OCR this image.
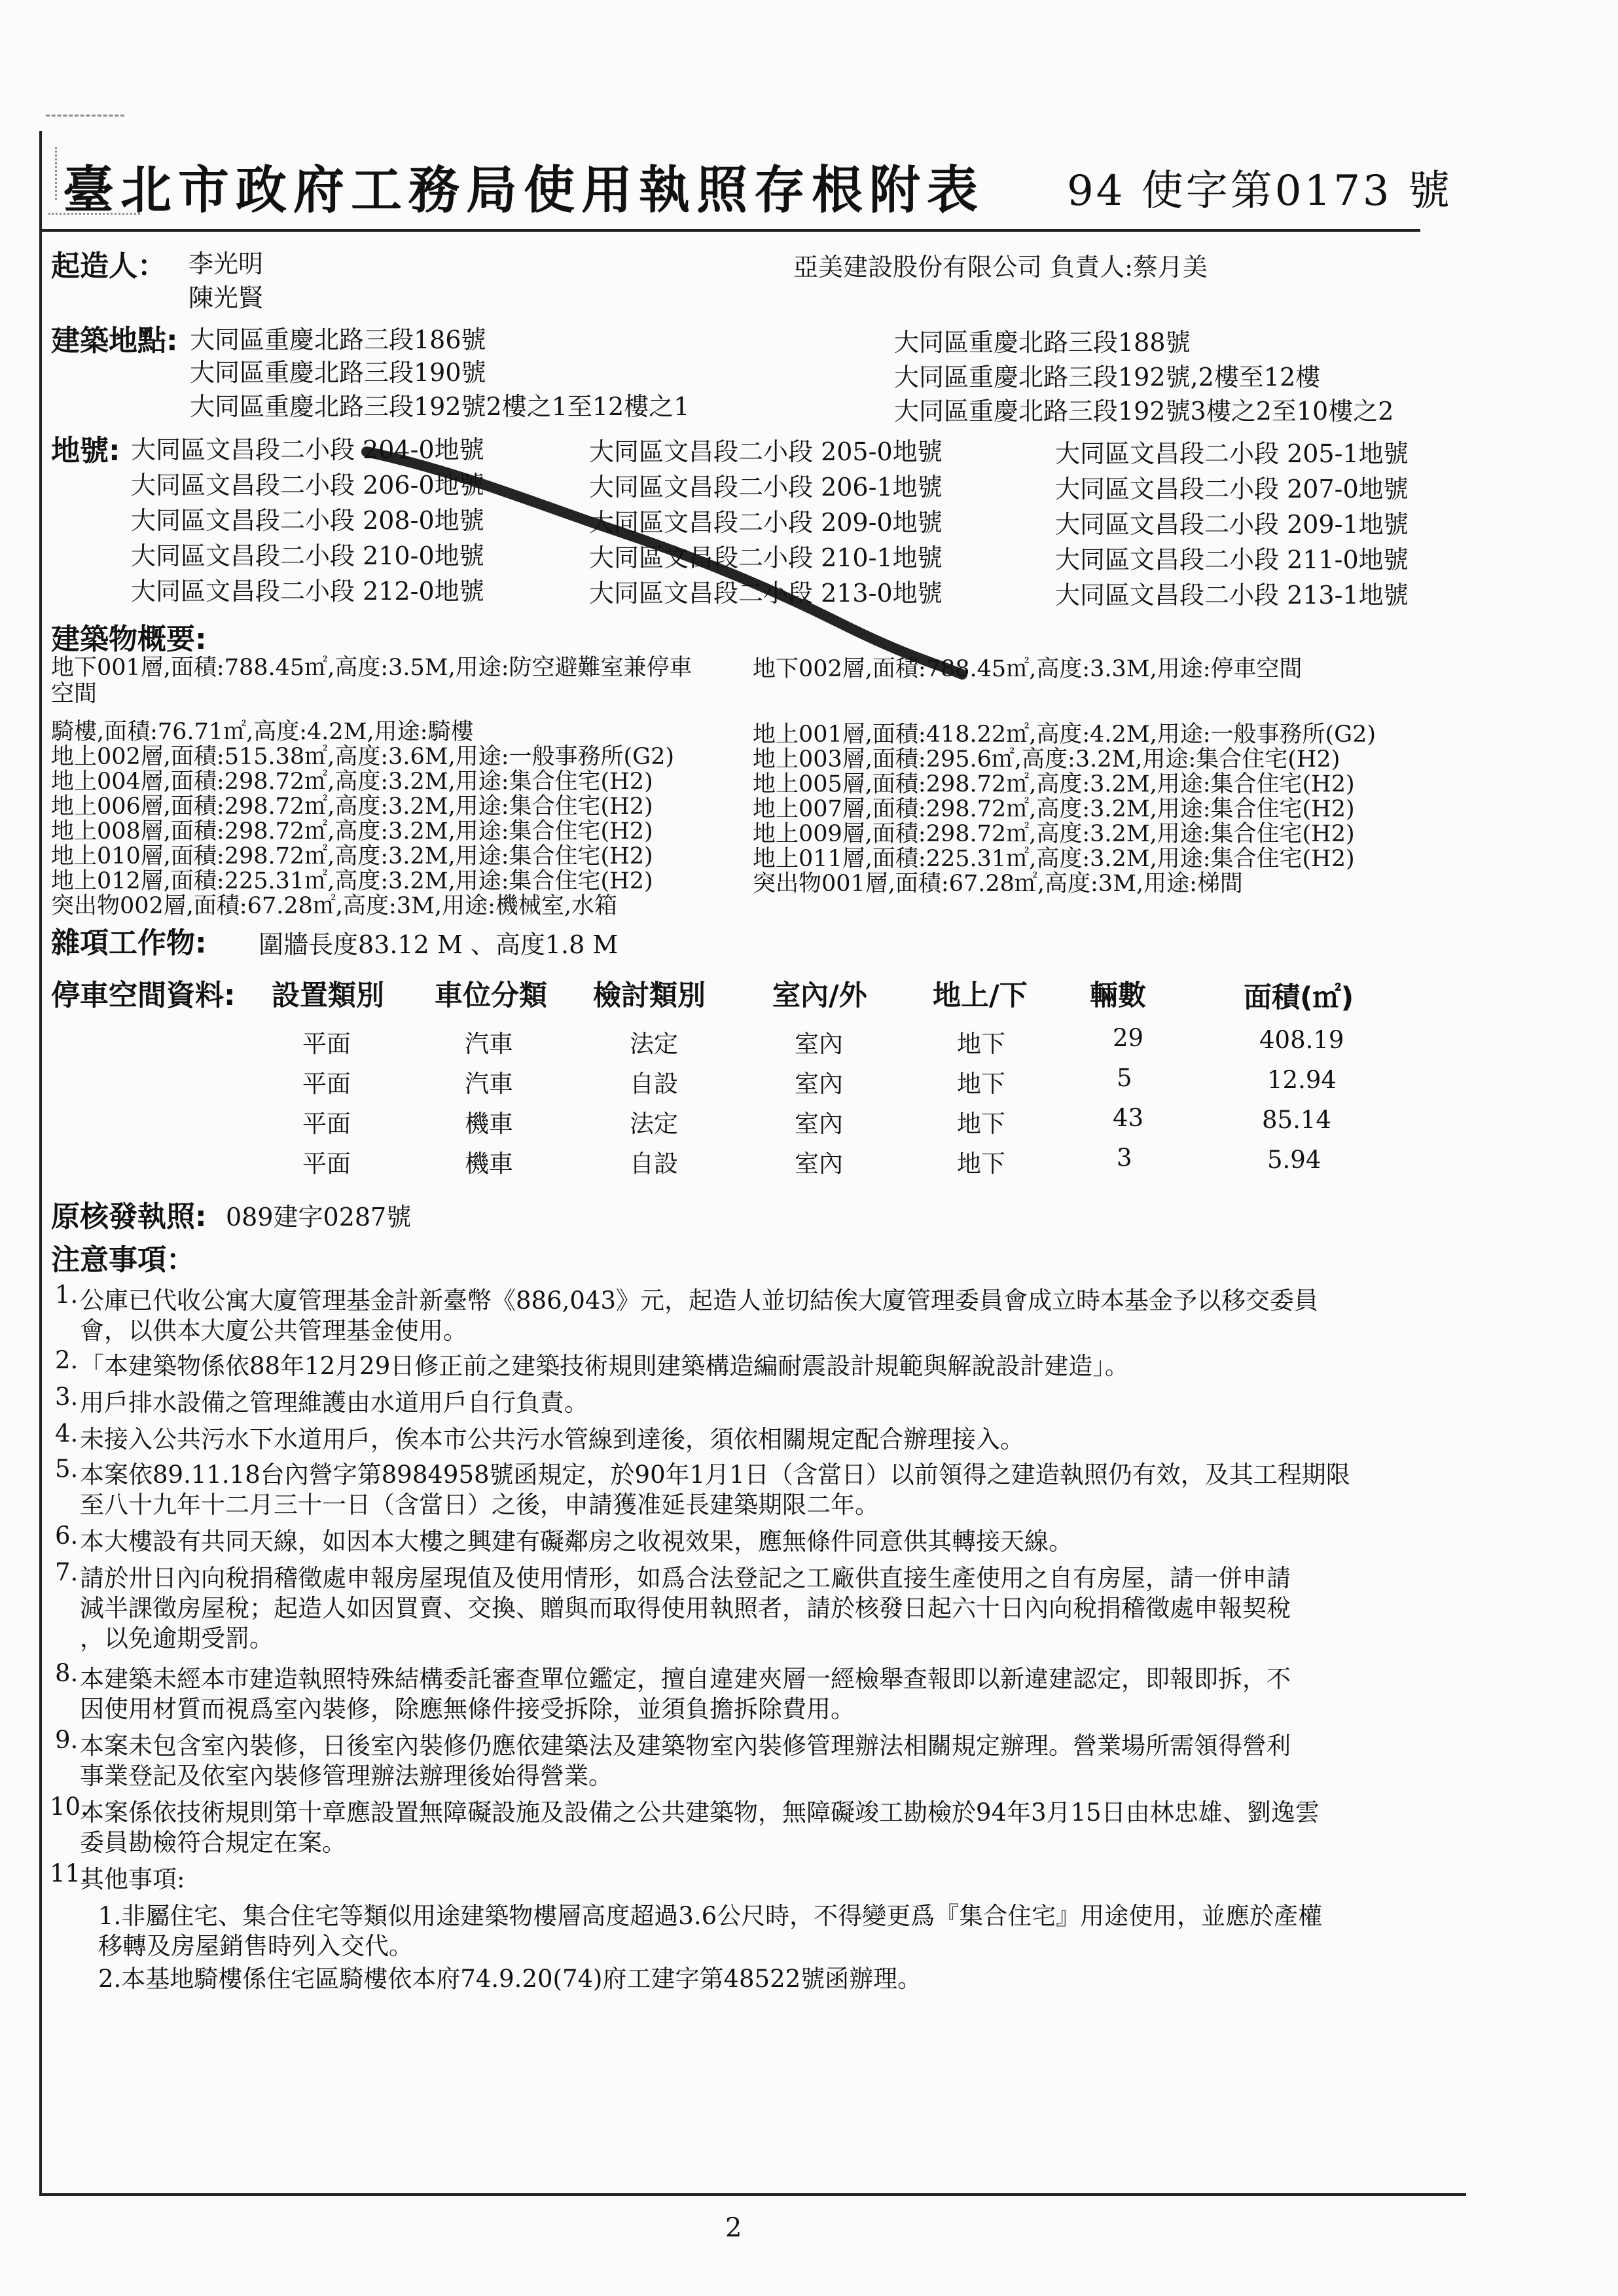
臺北市政府工務局使用執照存根附表 94 使字第0173 號
起造人： 李光明
陳光賢
亞美建設股份有限公司 負責人:蔡月美
建築地點: 大同區重慶北路三段186號	大同區重慶北路三段188號
大同區重慶北路三段190號	大同區重慶北路三段192號,2樓至12樓
大同區重慶北路三段192號2樓之1至12樓之1	大同區重慶北路三段192號3樓之2至10樓之2
地號: 大同區文昌段二小段 204-0地號	大同區文昌段二小段 205-0地號	大同區文昌段二小段 205-1地號
大同區文昌段二小段 206-0地號	大同區文昌段二小段 206-1地號	大同區文昌段二小段 207-0地號
大同區文昌段二小段 208-0地號	大同區文昌段二小段 209-0地號	大同區文昌段二小段 209-1地號
大同區文昌段二小段 210-0地號	大同區文昌段二小段 210-1地號	大同區文昌段二小段 211-0地號
大同區文昌段二小段 212-0地號	大同區文昌段二小段 213-0地號	大同區文昌段二小段 213-1地號
建築物概要:
地下001層,面積:788.45㎡,高度:3.5M,用途:防空避難室兼停車
空間
地下002層,面積:788.45㎡,高度:3.3M,用途:停車空間
騎樓,面積:76.71㎡,高度:4.2M,用途:騎樓
地上002層,面積:515.38㎡,高度:3.6M,用途:一般事務所(G2)
地上004層,面積:298.72㎡,高度:3.2M,用途:集合住宅(H2)
地上006層,面積:298.72㎡,高度:3.2M,用途:集合住宅(H2)
地上008層,面積:298.72㎡,高度:3.2M,用途:集合住宅(H2)
地上010層,面積:298.72㎡,高度:3.2M,用途:集合住宅(H2)
地上012層,面積:225.31㎡,高度:3.2M,用途:集合住宅(H2)
突出物002層,面積:67.28㎡,高度:3M,用途:機械室,水箱
地上001層,面積:418.22㎡,高度:4.2M,用途:一般事務所(G2)
地上003層,面積:295.6㎡,高度:3.2M,用途:集合住宅(H2)
地上005層,面積:298.72㎡,高度:3.2M,用途:集合住宅(H2)
地上007層,面積:298.72㎡,高度:3.2M,用途:集合住宅(H2)
地上009層,面積:298.72㎡,高度:3.2M,用途:集合住宅(H2)
地上011層,面積:225.31㎡,高度:3.2M,用途:集合住宅(H2)
突出物001層,面積:67.28㎡,高度:3M,用途:梯間
雜項工作物: 圍牆長度83.12 M 、高度1.8 M
停車空間資料: 設置類別 車位分類 檢討類別 室內/外 地上/下 輛數	面積(㎡)
平面	汽車	法定	室內	地下	29	408.19
平面	汽車	自設	室內	地下	5	12.94
平面	機車	法定	室內	地下	43	85.14
平面	機車	自設	室內	地下	3	5.94
原核發執照: 089建字0287號
注意事項：
1. 公庫已代收公寓大廈管理基金計新臺幣《886,043》元，起造人並切結俟大廈管理委員會成立時本基金予以移交委員
會，以供本大廈公共管理基金使用。
2. 「本建築物係依88年12月29日修正前之建築技術規則建築構造編耐震設計規範與解說設計建造」。
3. 用戶排水設備之管理維護由水道用戶自行負責。
4. 未接入公共污水下水道用戶，俟本市公共污水管線到達後，須依相關規定配合辦理接入。
5. 本案依89.11.18台內營字第8984958號函規定，於90年1月1日（含當日）以前領得之建造執照仍有效，及其工程期限
至八十九年十二月三十一日（含當日）之後，申請獲准延長建築期限二年。
6. 本大樓設有共同天線，如因本大樓之興建有礙鄰房之收視效果，應無條件同意供其轉接天線。
7. 請於卅日內向稅捐稽徵處申報房屋現值及使用情形，如爲合法登記之工廠供直接生產使用之自有房屋，請一併申請
減半課徵房屋稅；起造人如因買賣、交換、贈與而取得使用執照者，請於核發日起六十日內向稅捐稽徵處申報契稅
，以免逾期受罰。
8. 本建築未經本市建造執照特殊結構委託審查單位鑑定，擅自違建夾層一經檢舉查報即以新違建認定，即報即拆，不
因使用材質而視爲室內裝修，除應無條件接受拆除，並須負擔拆除費用。
9. 本案未包含室內裝修，日後室內裝修仍應依建築法及建築物室內裝修管理辦法相關規定辦理。營業場所需領得營利
事業登記及依室內裝修管理辦法辦理後始得營業。
10.
本案係依技術規則第十章應設置無障礙設施及設備之公共建築物，無障礙竣工勘檢於94年3月15日由林忠雄、劉逸雲
委員勘檢符合規定在案。
11.
其他事項:
1.非屬住宅、集合住宅等類似用途建築物樓層高度超過3.6公尺時，不得變更爲『集合住宅』用途使用，並應於產權
移轉及房屋銷售時列入交代。
2.本基地騎樓係住宅區騎樓依本府74.9.20(74)府工建字第48522號函辦理。
2
